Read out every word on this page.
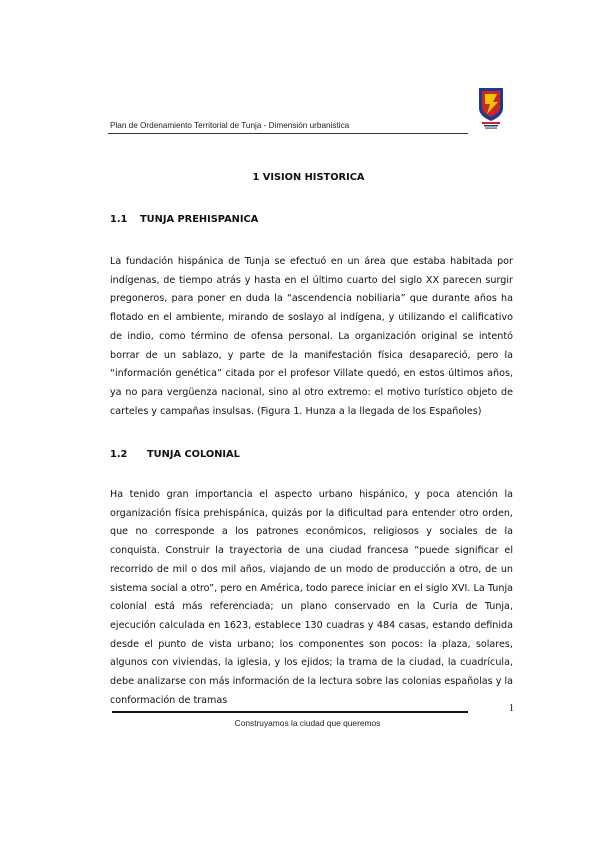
Plan de Ordenamiento Territorial de Tunja - Dimensión urbanistica
1 VISION HISTORICA
1.1 TUNJA PREHISPANICA

La fundación hispánica de Tunja se efectuó en un área que estaba habitada por indígenas, de tiempo atrás y hasta en el último cuarto del siglo XX parecen surgir pregoneros, para poner en duda la “ascendencia nobiliaria” que durante años ha flotado en el ambiente, mirando de soslayo al indígena, y utilizando el calificativo de indio, como término de ofensa personal. La organización original se intentó borrar de un sablazo, y parte de la manifestación física desapareció, pero la “información genética” citada por el profesor Villate quedó, en estos últimos años, ya no para vergüenza nacional, sino al otro extremo: el motivo turístico objeto de carteles y campañas insulsas. (Figura 1. Hunza a la llegada de los Españoles)

1.2 TUNJA COLONIAL

Ha tenido gran importancia el aspecto urbano hispánico, y poca atención la organización física prehispánica, quizás por la dificultad para entender otro orden, que no corresponde a los patrones económicos, religiosos y sociales de la conquista. Construir la trayectoria de una ciudad francesa “puede significar el recorrido de mil o dos mil años, viajando de un modo de producción a otro, de un sistema social a otro”, pero en América, todo parece iniciar en el siglo XVI. La Tunja colonial está más referenciada; un plano conservado en la Curia de Tunja, ejecución calculada en 1623, establece 130 cuadras y 484 casas, estando definida desde el punto de vista urbano; los componentes son pocos: la plaza, solares, algunos con viviendas, la iglesia, y los ejidos; la trama de la ciudad, la cuadrícula, debe analizarse con más información de la lectura sobre las colonias españolas y la conformación de tramas

1
Construyamos la ciudad que queremos
